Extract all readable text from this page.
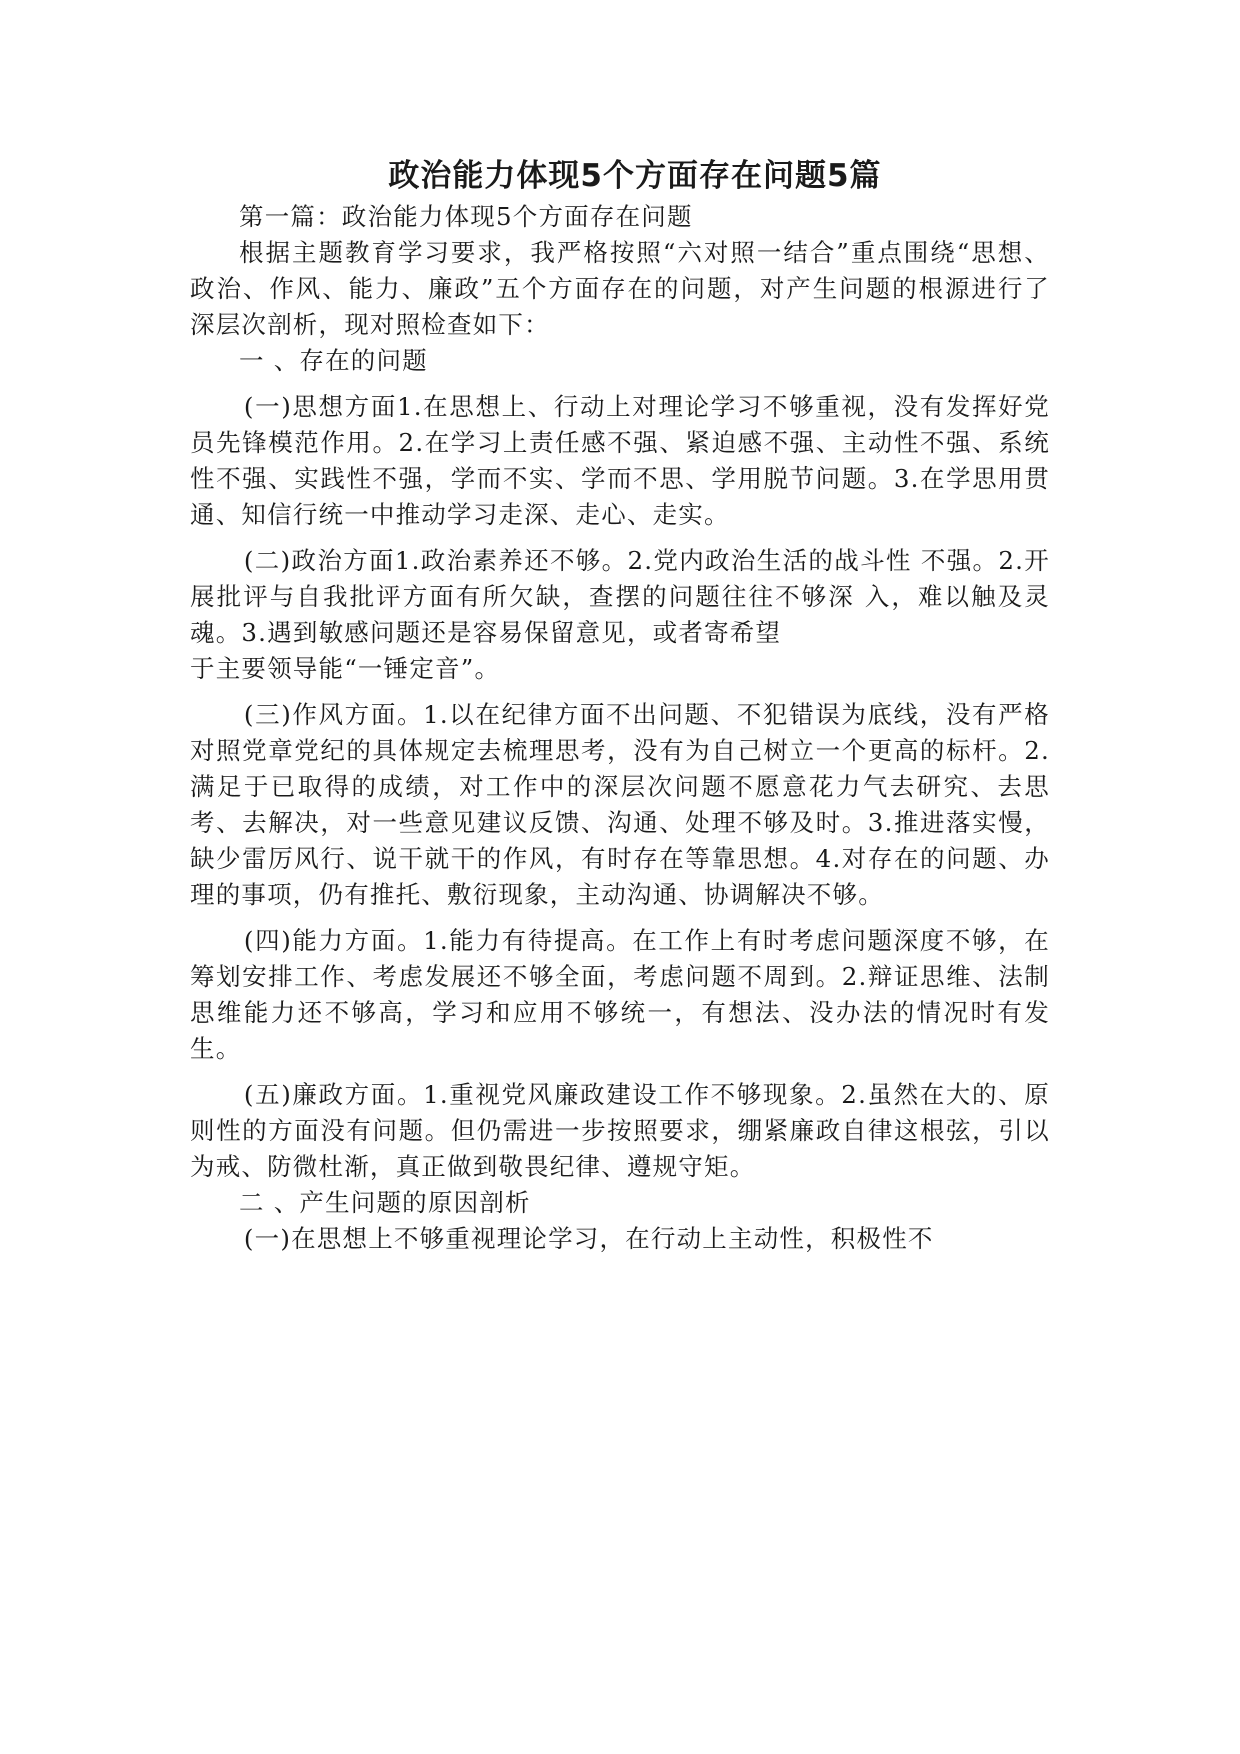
政治能力体现5个方面存在问题5篇

第一篇：政治能力体现5个方面存在问题

根据主题教育学习要求，我严格按照“六对照一结合”重点围绕“思想、政治、作风、能力、廉政”五个方面存在的问题，对产生问题的根源进行了深层次剖析，现对照检查如下：

一 、存在的问题

(一)思想方面1.在思想上、行动上对理论学习不够重视，没有发挥好党员先锋模范作用。2.在学习上责任感不强、紧迫感不强、主动性不强、系统性不强、实践性不强，学而不实、学而不思、学用脱节问题。3.在学思用贯通、知信行统一中推动学习走深、走心、走实。

(二)政治方面1.政治素养还不够。2.党内政治生活的战斗性 不强。2.开展批评与自我批评方面有所欠缺，查摆的问题往往不够深 入，难以触及灵魂。3.遇到敏感问题还是容易保留意见，或者寄希望

于主要领导能“一锤定音”。

(三)作风方面。1.以在纪律方面不出问题、不犯错误为底线，没有严格对照党章党纪的具体规定去梳理思考，没有为自己树立一个更高的标杆。2.满足于已取得的成绩，对工作中的深层次问题不愿意花力气去研究、去思考、去解决，对一些意见建议反馈、沟通、处理不够及时。3.推进落实慢，缺少雷厉风行、说干就干的作风，有时存在等靠思想。4.对存在的问题、办理的事项，仍有推托、敷衍现象，主动沟通、协调解决不够。

(四)能力方面。1.能力有待提高。在工作上有时考虑问题深度不够，在筹划安排工作、考虑发展还不够全面，考虑问题不周到。2.辩证思维、法制思维能力还不够高，学习和应用不够统一，有想法、没办法的情况时有发生。

(五)廉政方面。1.重视党风廉政建设工作不够现象。2.虽然在大的、原则性的方面没有问题。但仍需进一步按照要求，绷紧廉政自律这根弦，引以为戒、防微杜渐，真正做到敬畏纪律、遵规守矩。

二 、产生问题的原因剖析

(一)在思想上不够重视理论学习，在行动上主动性，积极性不
